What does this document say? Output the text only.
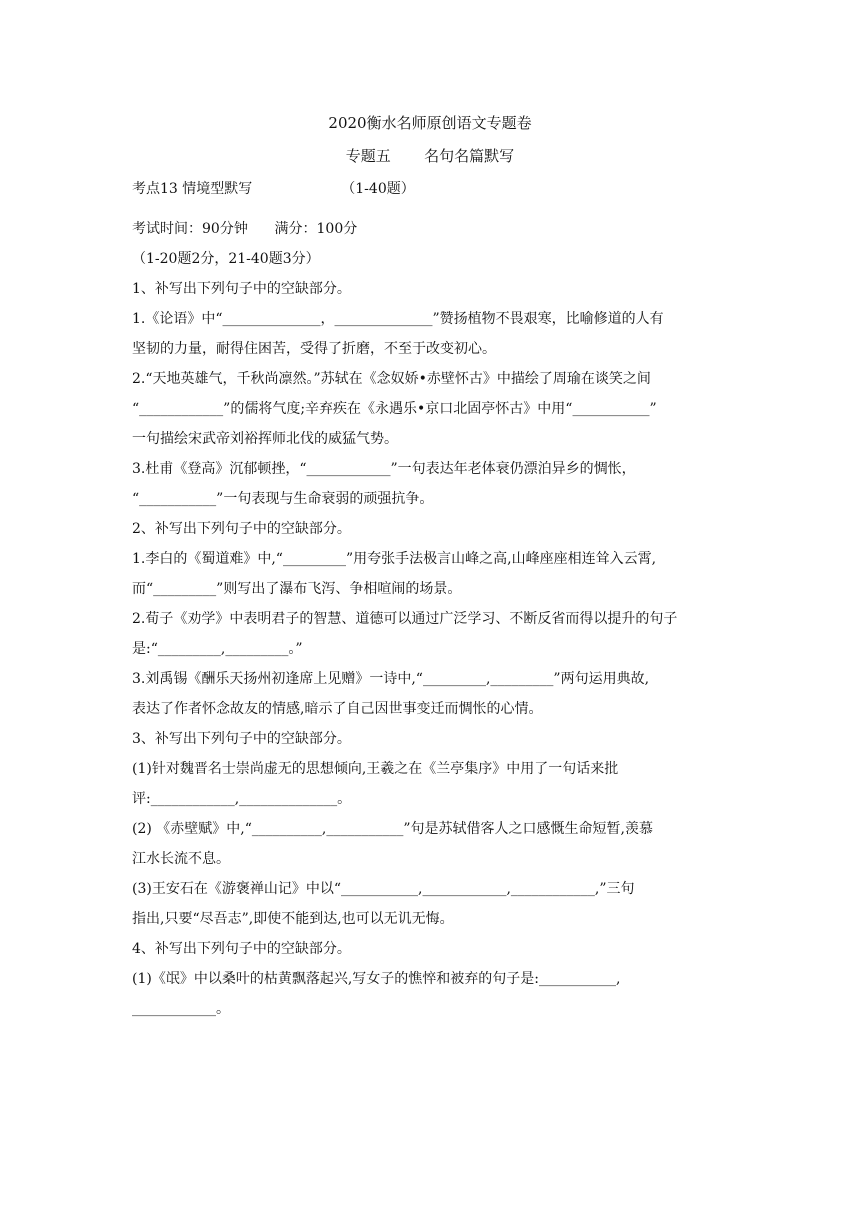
2020衡水名师原创语文专题卷
专题五       名句名篇默写
考点13 情境型默写                    （1-40题）
考试时间：90分钟      满分：100分
（1-20题2分，21-40题3分）
1、补写出下列句子中的空缺部分。
1.《论语》中“______________，______________”赞扬植物不畏艰寒，比喻修道的人有
坚韧的力量，耐得住困苦，受得了折磨，不至于改变初心。
2.“天地英雄气，千秋尚凛然。”苏轼在《念奴娇•赤壁怀古》中描绘了周瑜在谈笑之间
“____________”的儒将气度;辛弃疾在《永遇乐•京口北固亭怀古》中用“___________”
一句描绘宋武帝刘裕挥师北伐的威猛气势。
3.杜甫《登高》沉郁顿挫，“____________”一句表达年老体衰仍漂泊异乡的惆怅，
“___________”一句表现与生命衰弱的顽强抗争。
2、补写出下列句子中的空缺部分。
1.李白的《蜀道难》中,“_________”用夸张手法极言山峰之高,山峰座座相连耸入云霄,
而“_________”则写出了瀑布飞泻、争相喧闹的场景。
2.荀子《劝学》中表明君子的智慧、道德可以通过广泛学习、不断反省而得以提升的句子
是:“_________,_________。”
3.刘禹锡《酬乐天扬州初逢席上见赠》一诗中,“_________,_________”两句运用典故,
表达了作者怀念故友的情感,暗示了自己因世事变迁而惆怅的心情。
3、补写出下列句子中的空缺部分。
(1)针对魏晋名士崇尚虚无的思想倾向,王羲之在《兰亭集序》中用了一句话来批
评:____________,______________。
(2) 《赤壁赋》中,“__________,___________”句是苏轼借客人之口感慨生命短暂,羡慕
江水长流不息。
(3)王安石在《游褒禅山记》中以“___________,____________,____________,”三句
指出,只要“尽吾志”,即使不能到达,也可以无讥无悔。
4、补写出下列句子中的空缺部分。
(1)《氓》中以桑叶的枯黄飘落起兴,写女子的憔悴和被弃的句子是:___________,
____________。
